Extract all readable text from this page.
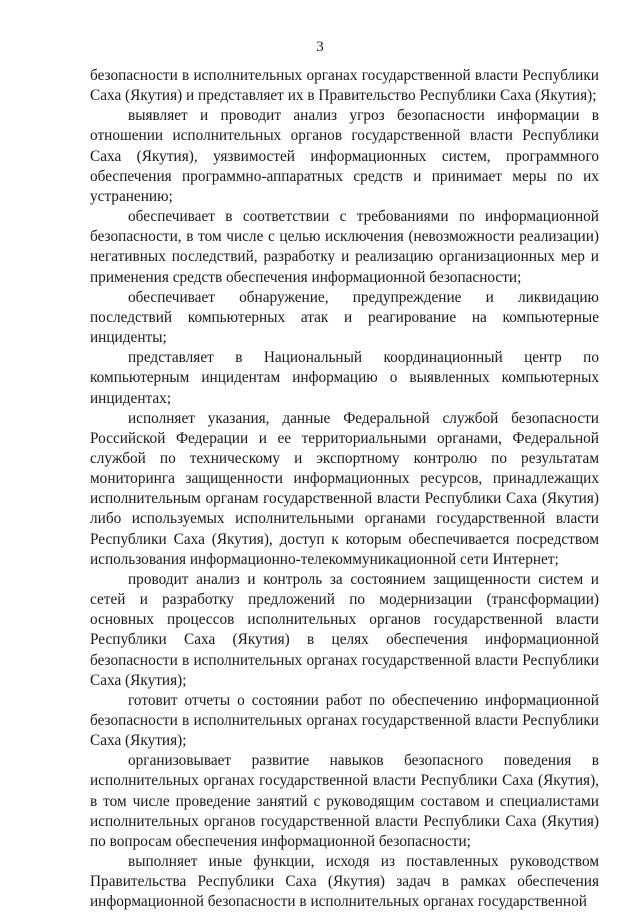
3

безопасности в исполнительных органах государственной власти Республики Саха (Якутия) и представляет их в Правительство Республики Саха (Якутия);

выявляет и проводит анализ угроз безопасности информации в отношении исполнительных органов государственной власти Республики Саха (Якутия), уязвимостей информационных систем, программного обеспечения программно-аппаратных средств и принимает меры по их устранению;

обеспечивает в соответствии с требованиями по информационной безопасности, в том числе с целью исключения (невозможности реализации) негативных последствий, разработку и реализацию организационных мер и применения средств обеспечения информационной безопасности;

обеспечивает обнаружение, предупреждение и ликвидацию последствий компьютерных атак и реагирование на компьютерные инциденты;

представляет в Национальный координационный центр по компьютерным инцидентам информацию о выявленных компьютерных инцидентах;

исполняет указания, данные Федеральной службой безопасности Российской Федерации и ее территориальными органами, Федеральной службой по техническому и экспортному контролю по результатам мониторинга защищенности информационных ресурсов, принадлежащих исполнительным органам государственной власти Республики Саха (Якутия) либо используемых исполнительными органами государственной власти Республики Саха (Якутия), доступ к которым обеспечивается посредством использования информационно-телекоммуникационной сети Интернет;

проводит анализ и контроль за состоянием защищенности систем и сетей и разработку предложений по модернизации (трансформации) основных процессов исполнительных органов государственной власти Республики Саха (Якутия) в целях обеспечения информационной безопасности в исполнительных органах государственной власти Республики Саха (Якутия);

готовит отчеты о состоянии работ по обеспечению информационной безопасности в исполнительных органах государственной власти Республики Саха (Якутия);

организовывает развитие навыков безопасного поведения в исполнительных органах государственной власти Республики Саха (Якутия), в том числе проведение занятий с руководящим составом и специалистами исполнительных органов государственной власти Республики Саха (Якутия) по вопросам обеспечения информационной безопасности;

выполняет иные функции, исходя из поставленных руководством Правительства Республики Саха (Якутия) задач в рамках обеспечения информационной безопасности в исполнительных органах государственной
